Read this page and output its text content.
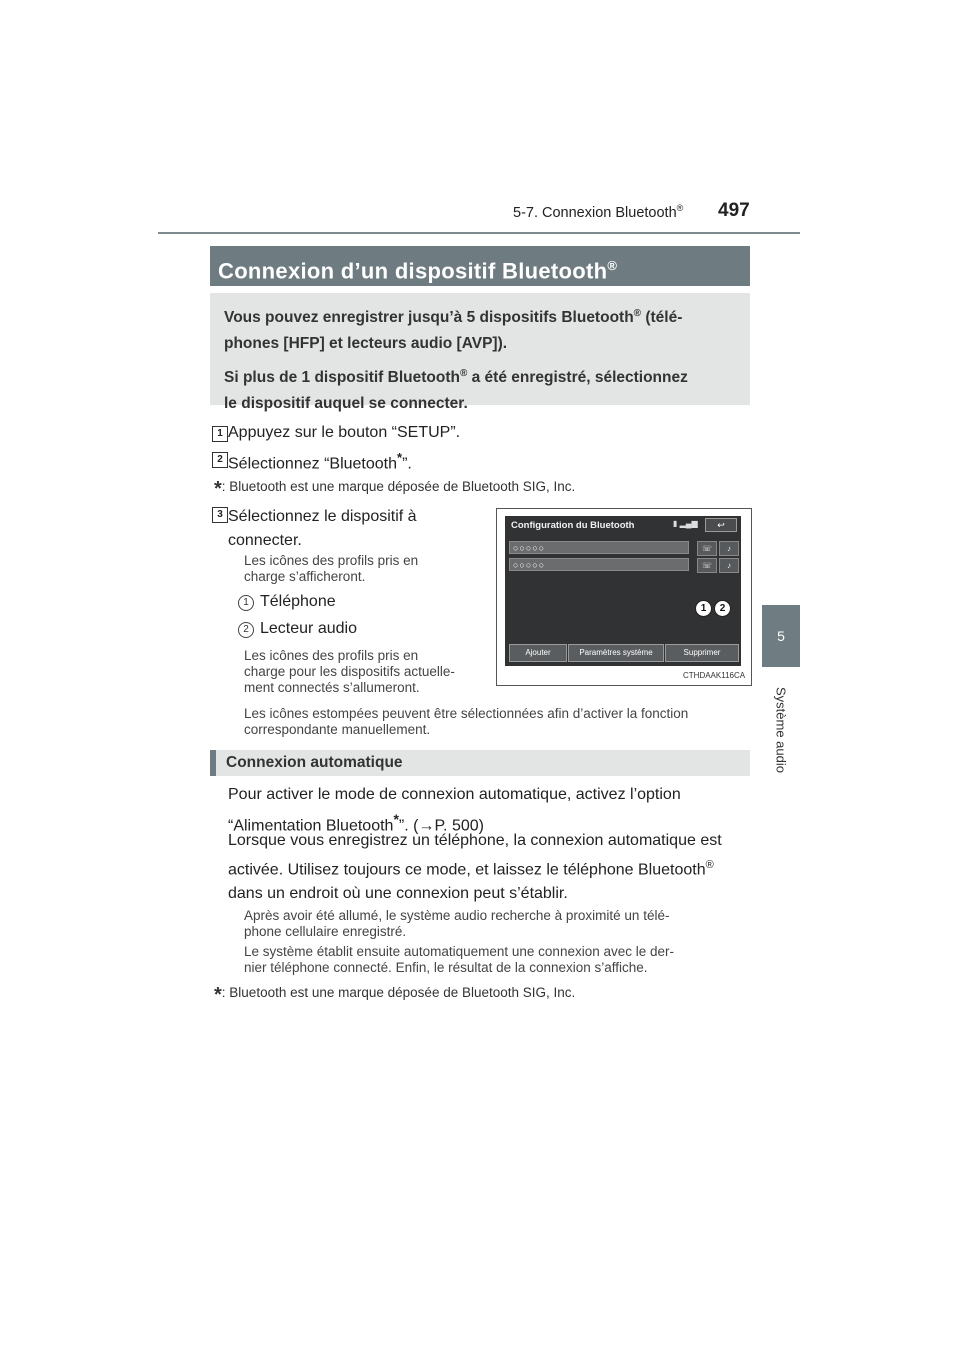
5-7. Connexion Bluetooth® 497
5
Système audio
Connexion d’un dispositif Bluetooth®

Vous pouvez enregistrer jusqu’à 5 dispositifs Bluetooth® (télé-
phones [HFP] et lecteurs audio [AVP]).

Si plus de 1 dispositif Bluetooth® a été enregistré, sélectionnez
le dispositif auquel se connecter.

1 Appuyez sur le bouton “SETUP”.
2 Sélectionnez “Bluetooth*”.
*: Bluetooth est une marque déposée de Bluetooth SIG, Inc.
3 Sélectionnez le dispositif à
connecter.
Les icônes des profils pris en
charge s’afficheront.
1 Téléphone
2 Lecteur audio
Les icônes des profils pris en
charge pour les dispositifs actuelle-
ment connectés s’allumeront.
Les icônes estompées peuvent être sélectionnées afin d’activer la fonction
correspondante manuellement.
Configuration du Bluetooth	▮ ▂▄▆	↩
○○○○○	☏	♪
○○○○○	☏	♪
1	2
Ajouter	Paramètres système	Supprimer
CTHDAAK116CA
Connexion automatique
Pour activer le mode de connexion automatique, activez l’option
“Alimentation Bluetooth*”. (→P. 500)
Lorsque vous enregistrez un téléphone, la connexion automatique est
activée. Utilisez toujours ce mode, et laissez le téléphone Bluetooth®
dans un endroit où une connexion peut s’établir.
Après avoir été allumé, le système audio recherche à proximité un télé-
phone cellulaire enregistré.
Le système établit ensuite automatiquement une connexion avec le der-
nier téléphone connecté. Enfin, le résultat de la connexion s’affiche.
*: Bluetooth est une marque déposée de Bluetooth SIG, Inc.
